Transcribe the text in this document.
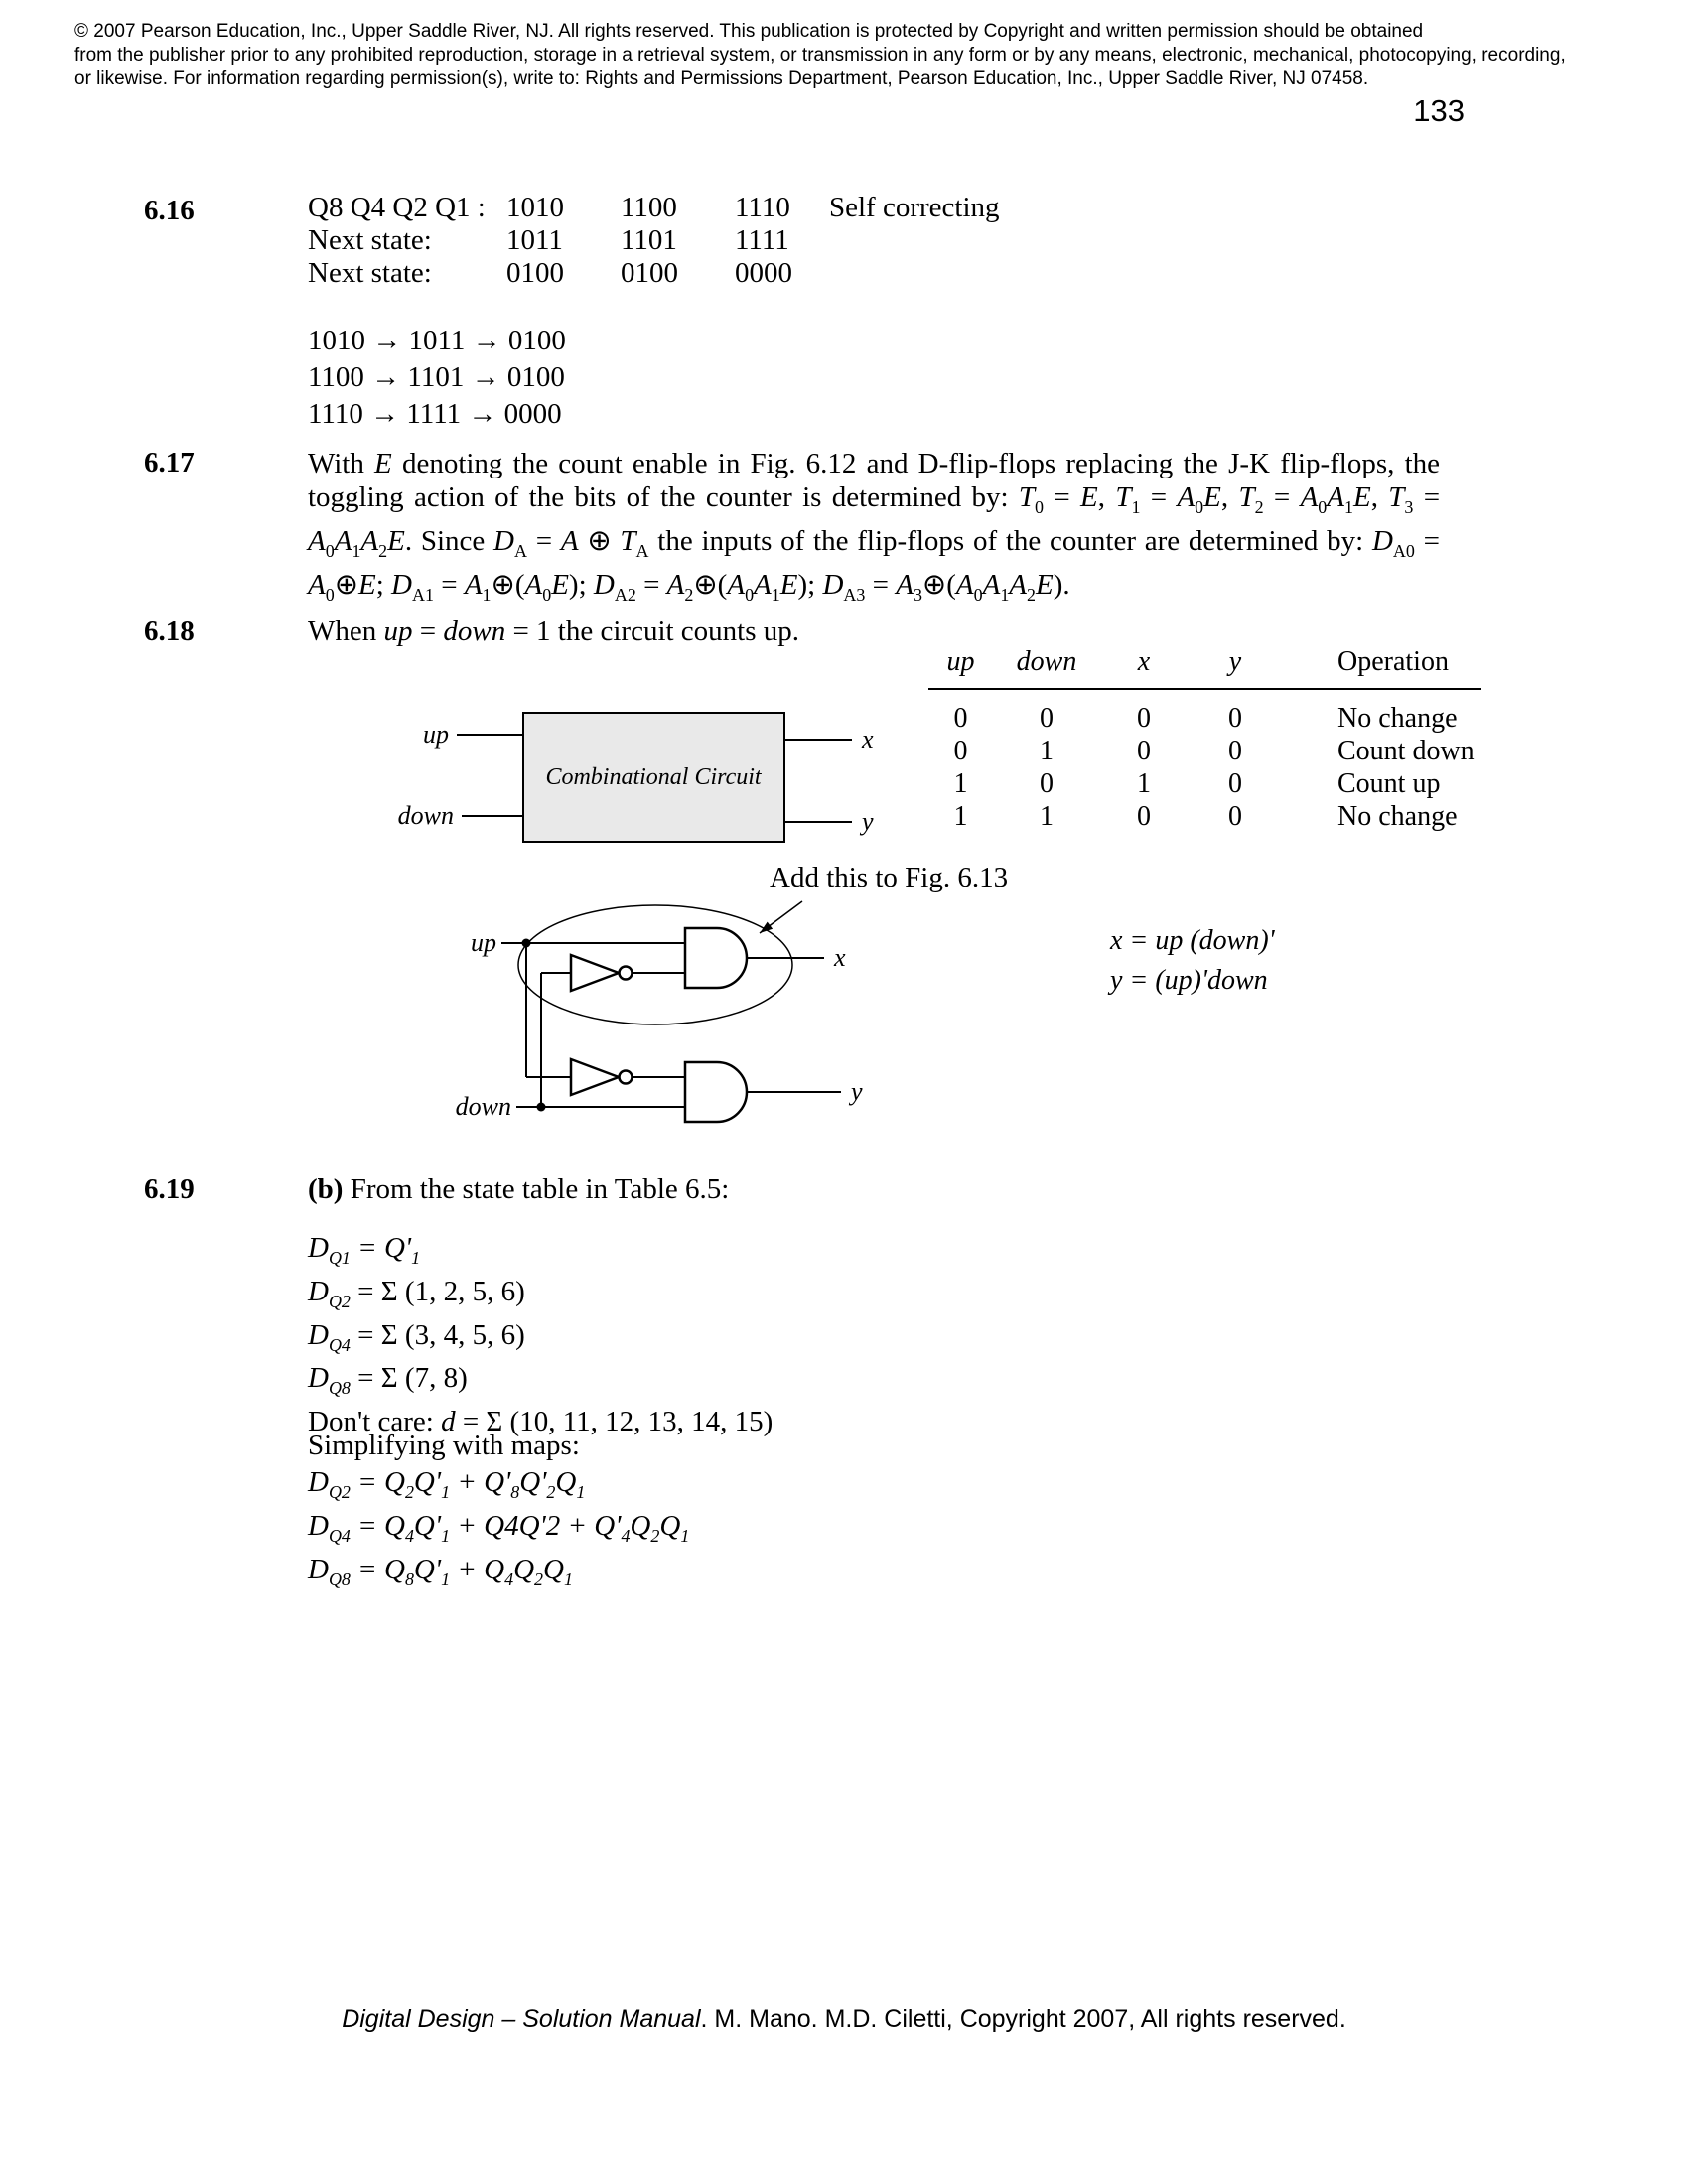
© 2007 Pearson Education, Inc., Upper Saddle River, NJ. All rights reserved. This publication is protected by Copyright and written permission should be obtained
from the publisher prior to any prohibited reproduction, storage in a retrieval system, or transmission in any form or by any means, electronic, mechanical, photocopying, recording,
or likewise. For information regarding permission(s), write to: Rights and Permissions Department, Pearson Education, Inc., Upper Saddle River, NJ 07458.
133
6.16	Q8 Q4 Q2 Q1 : 1010	1100	1110	Self correcting
Next state:	1011	1101	1111
Next state:	0100	0100	0000
1010 → 1011 → 0100
1100 → 1101 → 0100
1110 → 1111 → 0000
6.17	With E denoting the count enable in Fig. 6.12 and D-flip-flops replacing the J-K flip-flops, the toggling action of the bits of the counter is determined by: $T_0 = E$, $T_1 = A_0E$, $T_2 = A_0A_1E$, $T_3 = A_0A_1A_2E$. Since $D_A = A$ ⊕ $T_A$ the inputs of the flip-flops of the counter are determined by: $D_{A0}$ = $A_0\oplus E$; $D_{A1}$ = $A_1\oplus(A_0E)$; $D_{A2}$ = $A_2\oplus(A_0A_1E)$; $D_{A3}$ = $A_3\oplus(A_0A_1A_2E)$.
6.18	When up = down = 1 the circuit counts up.
up	down	x	y	Operation
0	0	0	0	No change
0	1	0	0	Count down
1	0	1	0	Count up
1	1	0	0	No change
Add this to Fig. 6.13
x = up (down)'
y = (up)'down
Combinational Circuit
up
down
x
y
up
down
x
y
6.19	(b) From the state table in Table 6.5:
$D_{Q1} = Q'_1$
$D_{Q2} = \Sigma$ (1, 2, 5, 6)
$D_{Q4} = \Sigma$ (3, 4, 5, 6)
$D_{Q8} = \Sigma$ (7, 8)
Don't care: d = Σ (10, 11, 12, 13, 14, 15)
Simplifying with maps:
$D_{Q2} = Q_2Q'_1 + Q'_8Q'_2Q_1$
$D_{Q4} = Q_4Q'_1 + Q4Q'2 + Q'_4Q_2Q_1$
$D_{Q8} = Q_8Q'_1 + Q_4Q_2Q_1$
Digital Design – Solution Manual. M. Mano. M.D. Ciletti, Copyright 2007, All rights reserved.
